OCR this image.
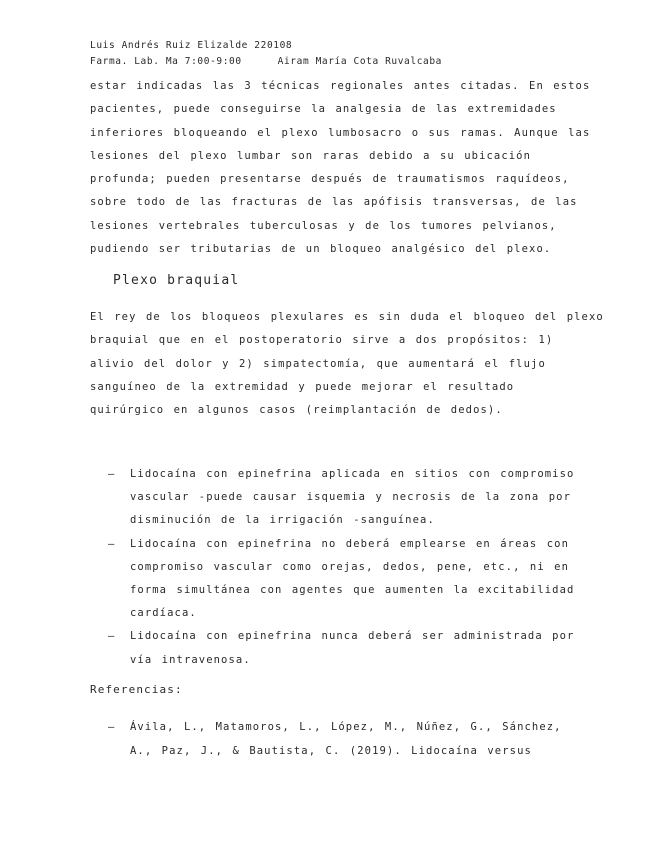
Luis Andrés Ruiz Elizalde 220108
Farma. Lab. Ma 7:00-9:00	Airam María Cota Ruvalcaba
estar indicadas las 3 técnicas regionales antes citadas. En estos
pacientes, puede conseguirse la analgesia de las extremidades
inferiores bloqueando el plexo lumbosacro o sus ramas. Aunque las
lesiones del plexo lumbar son raras debido a su ubicación
profunda; pueden presentarse después de traumatismos raquídeos,
sobre todo de las fracturas de las apófisis transversas, de las
lesiones vertebrales tuberculosas y de los tumores pelvianos,
pudiendo ser tributarias de un bloqueo analgésico del plexo.
Plexo braquial
El rey de los bloqueos plexulares es sin duda el bloqueo del plexo
braquial que en el postoperatorio sirve a dos propósitos: 1)
alivio del dolor y 2) simpatectomía, que aumentará el flujo
sanguíneo de la extremidad y puede mejorar el resultado
quirúrgico en algunos casos (reimplantación de dedos).
– Lidocaína con epinefrina aplicada en sitios con compromiso
vascular -puede causar isquemia y necrosis de la zona por
disminución de la irrigación -sanguínea.
– Lidocaína con epinefrina no deberá emplearse en áreas con
compromiso vascular como orejas, dedos, pene, etc., ni en
forma simultánea con agentes que aumenten la excitabilidad
cardíaca.
– Lidocaína con epinefrina nunca deberá ser administrada por
vía intravenosa.
Referencias:
– Ávila, L., Matamoros, L., López, M., Núñez, G., Sánchez,
A., Paz, J., & Bautista, C. (2019). Lidocaína versus
